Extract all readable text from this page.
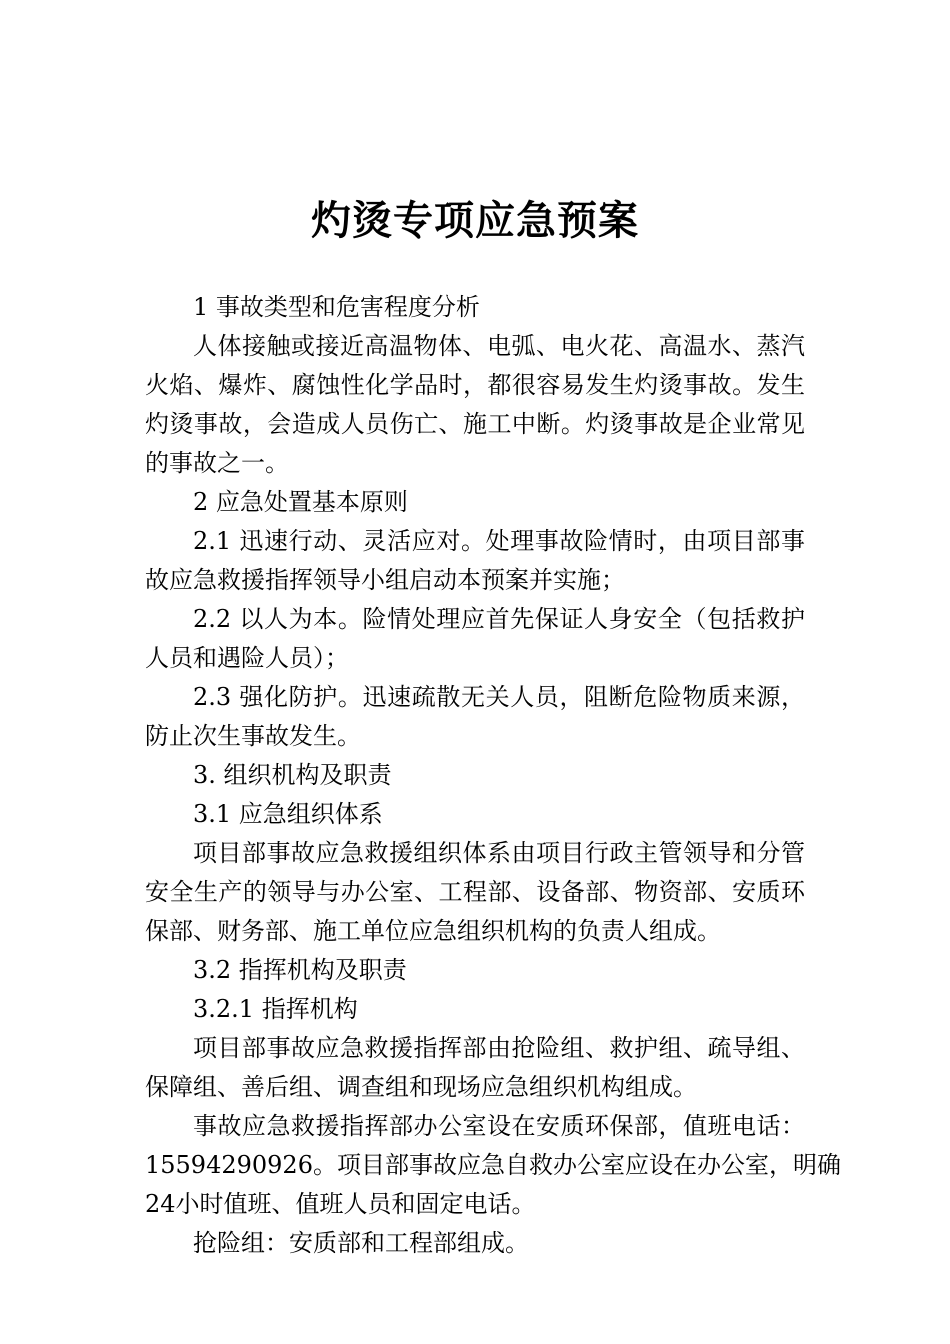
灼烫专项应急预案
1 事故类型和危害程度分析
人体接触或接近高温物体、电弧、电火花、高温水、蒸汽
火焰、爆炸、腐蚀性化学品时，都很容易发生灼烫事故。发生
灼烫事故，会造成人员伤亡、施工中断。灼烫事故是企业常见
的事故之一。
2 应急处置基本原则
2.1 迅速行动、灵活应对。处理事故险情时，由项目部事
故应急救援指挥领导小组启动本预案并实施；
2.2 以人为本。险情处理应首先保证人身安全（包括救护
人员和遇险人员）；
2.3 强化防护。迅速疏散无关人员，阻断危险物质来源，
防止次生事故发生。
3. 组织机构及职责
3.1 应急组织体系
项目部事故应急救援组织体系由项目行政主管领导和分管
安全生产的领导与办公室、工程部、设备部、物资部、安质环
保部、财务部、施工单位应急组织机构的负责人组成。
3.2 指挥机构及职责
3.2.1 指挥机构
项目部事故应急救援指挥部由抢险组、救护组、疏导组、
保障组、善后组、调查组和现场应急组织机构组成。
事故应急救援指挥部办公室设在安质环保部，值班电话：
15594290926。项目部事故应急自救办公室应设在办公室，明确
24小时值班、值班人员和固定电话。
抢险组：安质部和工程部组成。
